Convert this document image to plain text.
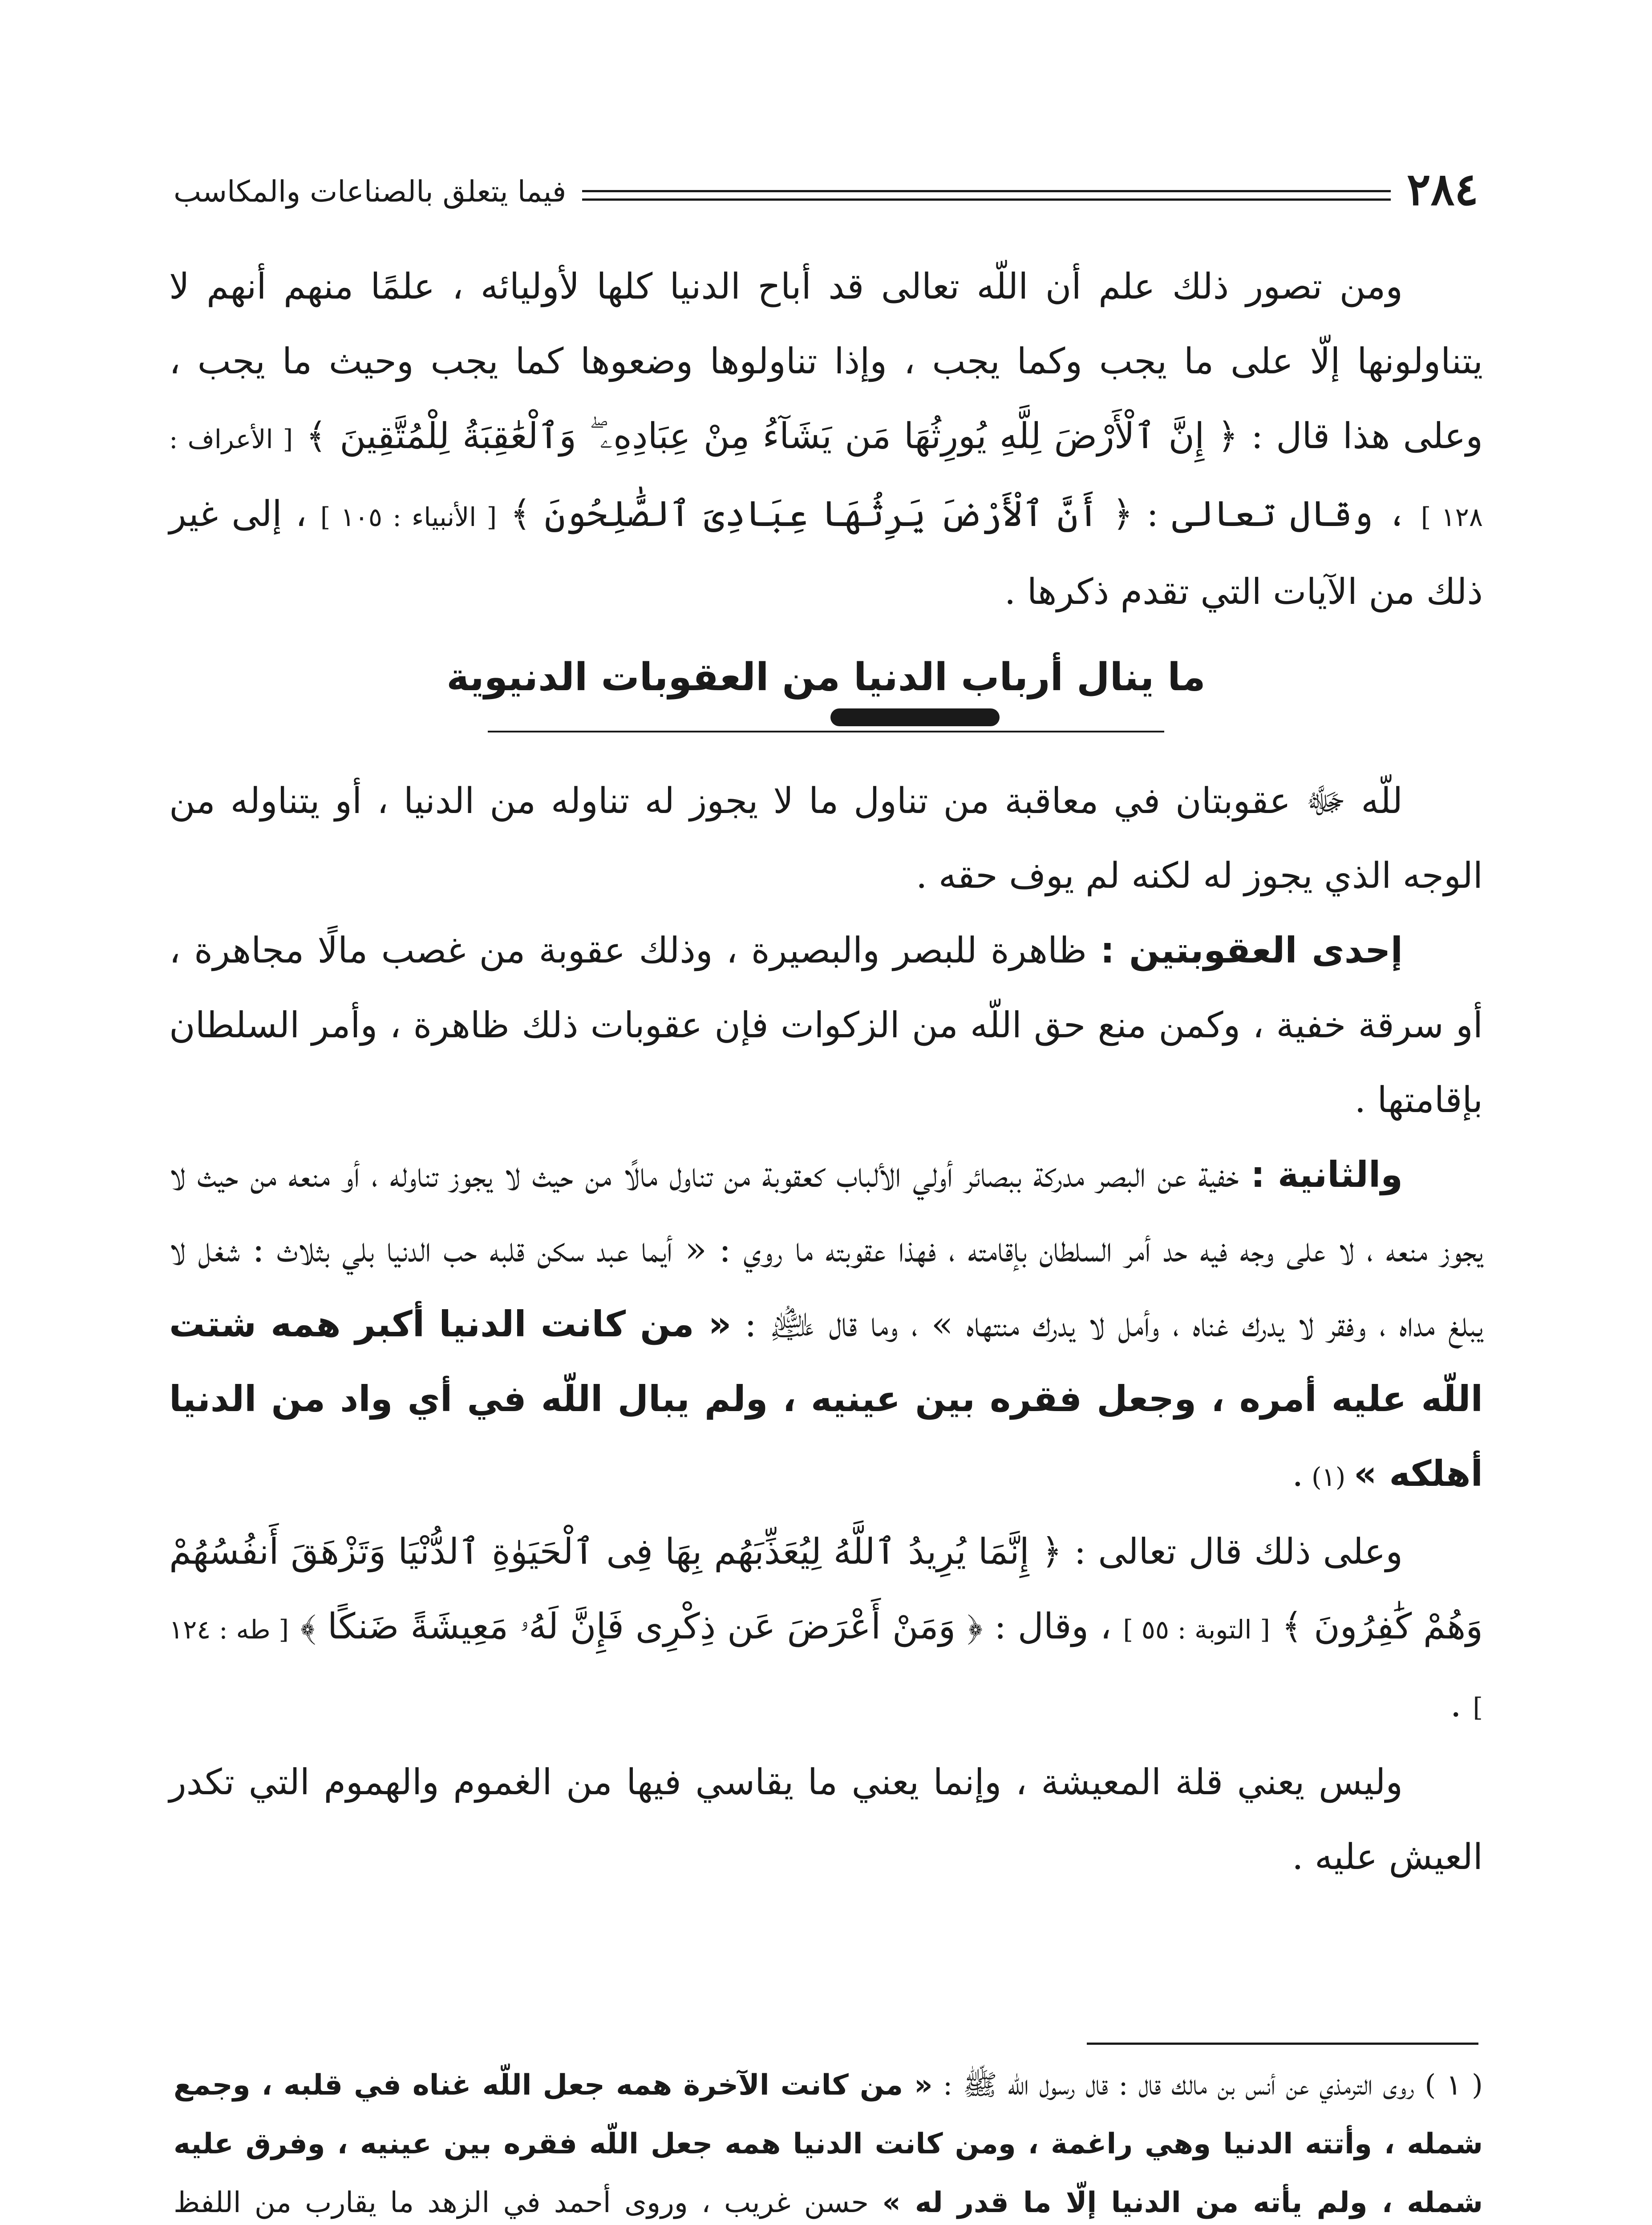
٢٨٤
فيما يتعلق بالصناعات والمكاسب

ومن تصور ذلك علم أن اللّه تعالى قد أباح الدنيا كلها لأوليائه ، علمًا منهم أنهم لا يتناولونها إلّا على ما يجب وكما يجب ، وإذا تناولوها وضعوها كما يجب وحيث ما يجب ، وعلى هذا قال : ﴿ إِنَّ ٱلْأَرْضَ لِلَّهِ يُورِثُهَا مَن يَشَآءُ مِنْ عِبَادِهِۦ ۖ وَٱلْعَٰقِبَةُ لِلْمُتَّقِينَ ﴾ [ الأعراف : ١٢٨ ] ، وقال تعالى : ﴿ أَنَّ ٱلْأَرْضَ يَرِثُهَا عِبَادِىَ ٱلصَّٰلِحُونَ ﴾ [ الأنبياء : ١٠٥ ] ، إلى غير ذلك من الآيات التي تقدم ذكرها .

ما ينال أرباب الدنيا من العقوبات الدنيوية

للّه ﷻ عقوبتان في معاقبة من تناول ما لا يجوز له تناوله من الدنيا ، أو يتناوله من الوجه الذي يجوز له لكنه لم يوف حقه .

إحدى العقوبتين : ظاهرة للبصر والبصيرة ، وذلك عقوبة من غصب مالًا مجاهرة ، أو سرقة خفية ، وكمن منع حق اللّه من الزكوات فإن عقوبات ذلك ظاهرة ، وأمر السلطان بإقامتها .

والثانية : خفية عن البصر مدركة ببصائر أولي الألباب كعقوبة من تناول مالًا من حيث لا يجوز تناوله ، أو منعه من حيث لا يجوز منعه ، لا على وجه فيه حد أمر السلطان بإقامته ، فهذا عقوبته ما روي : « أيما عبد سكن قلبه حب الدنيا بلي بثلاث : شغل لا يبلغ مداه ، وفقر لا يدرك غناه ، وأمل لا يدرك منتهاه » ، وما قال ﵇ : « من كانت الدنيا أكبر همه شتت اللّه عليه أمره ، وجعل فقره بين عينيه ، ولم يبال اللّه في أي واد من الدنيا أهلكه » (١) .

وعلى ذلك قال تعالى : ﴿ إِنَّمَا يُرِيدُ ٱللَّهُ لِيُعَذِّبَهُم بِهَا فِى ٱلْحَيَوٰةِ ٱلدُّنْيَا وَتَزْهَقَ أَنفُسُهُمْ وَهُمْ كَٰفِرُونَ ﴾ [ التوبة : ٥٥ ] ، وقال : ﴿ وَمَنْ أَعْرَضَ عَن ذِكْرِى فَإِنَّ لَهُۥ مَعِيشَةً ضَنكًا ﴾ [ طه : ١٢٤ ] .

وليس يعني قلة المعيشة ، وإنما يعني ما يقاسي فيها من الغموم والهموم التي تكدر العيش عليه .

( ١ ) روى الترمذي عن أنس بن مالك قال : قال رسول اللّه ﷺ : « من كانت الآخرة همه جعل اللّه غناه في قلبه ، وجمع شمله ، وأتته الدنيا وهي راغمة ، ومن كانت الدنيا همه جعل اللّه فقره بين عينيه ، وفرق عليه شمله ، ولم يأته من الدنيا إلّا ما قدر له » حسن غريب ، وروى أحمد في الزهد ما يقارب من اللفظ
